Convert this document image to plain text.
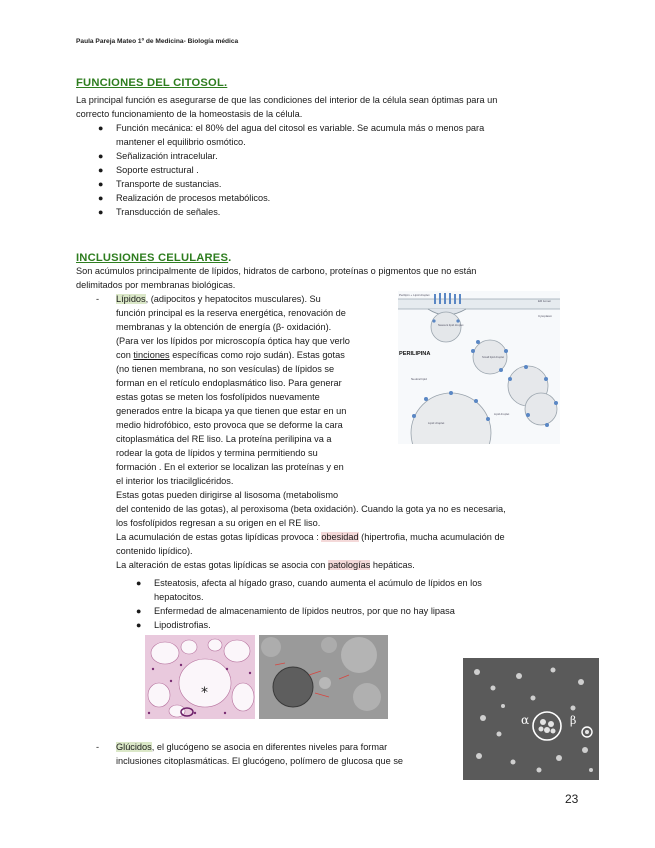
Paula Pareja Mateo 1º de Medicina- Biología médica
FUNCIONES DEL CITOSOL.
La principal función es asegurarse de que las condiciones del interior de la célula sean óptimas para un
correcto funcionamiento de la homeostasis de la célula.
● Función mecánica: el 80% del agua del citosol es variable. Se acumula más o menos para
mantener el equilibrio osmótico.
● Señalización intracelular.
● Soporte estructural .
● Transporte de sustancias.
● Realización de procesos metabólicos.
● Transducción de señales.
INCLUSIONES CELULARES.
Son acúmulos principalmente de lípidos, hidratos de carbono, proteínas o pigmentos que no están
delimitados por membranas biológicas.
- Lípidos, (adipocitos y hepatocitos musculares). Su
función principal es la reserva energética, renovación de
membranas y la obtención de energía (β- oxidación).
(Para ver los lípidos por microscopía óptica hay que verlo
con tinciones específicas como rojo sudán). Estas gotas
(no tienen membrana, no son vesículas) de lípidos se
forman en el retículo endoplasmático liso. Para generar
estas gotas se meten los fosfolípidos nuevamente
generados entre la bicapa ya que tienen que estar en un
medio hidrofóbico, esto provoca que se deforme la cara
citoplasmática del RE liso. La proteína perilipina va a
rodear la gota de lípidos y termina permitiendo su
formación . En el exterior se localizan las proteínas y en
el interior los triacilglicéridos.
Estas gotas pueden dirigirse al lisosoma (metabolismo
del contenido de las gotas), al peroxisoma (beta oxidación). Cuando la gota ya no es necesaria,
los fosfolípidos regresan a su origen en el RE liso.
La acumulación de estas gotas lipídicas provoca : obesidad (hipertrofia, mucha acumulación de
contenido lipídico).
La alteración de estas gotas lipídicas se asocia con patologías hepáticas.
● Esteatosis, afecta al hígado graso, cuando aumenta el acúmulo de lípidos en los
hepatocitos.
● Enfermedad de almacenamiento de lípidos neutros, por que no hay lipasa
● Lipodistrofias.
Perilipin + Lipid droplet
ER lumen
Cytoplasm
Nascent lipid droplet
Small lipid droplet
Neutral lipid
Lipid droplet
Lipid droplet
PERILIPINA
*
α	β
- Glúcidos, el glucógeno se asocia en diferentes niveles para formar
inclusiones citoplasmáticas. El glucógeno, polímero de glucosa que se
23
